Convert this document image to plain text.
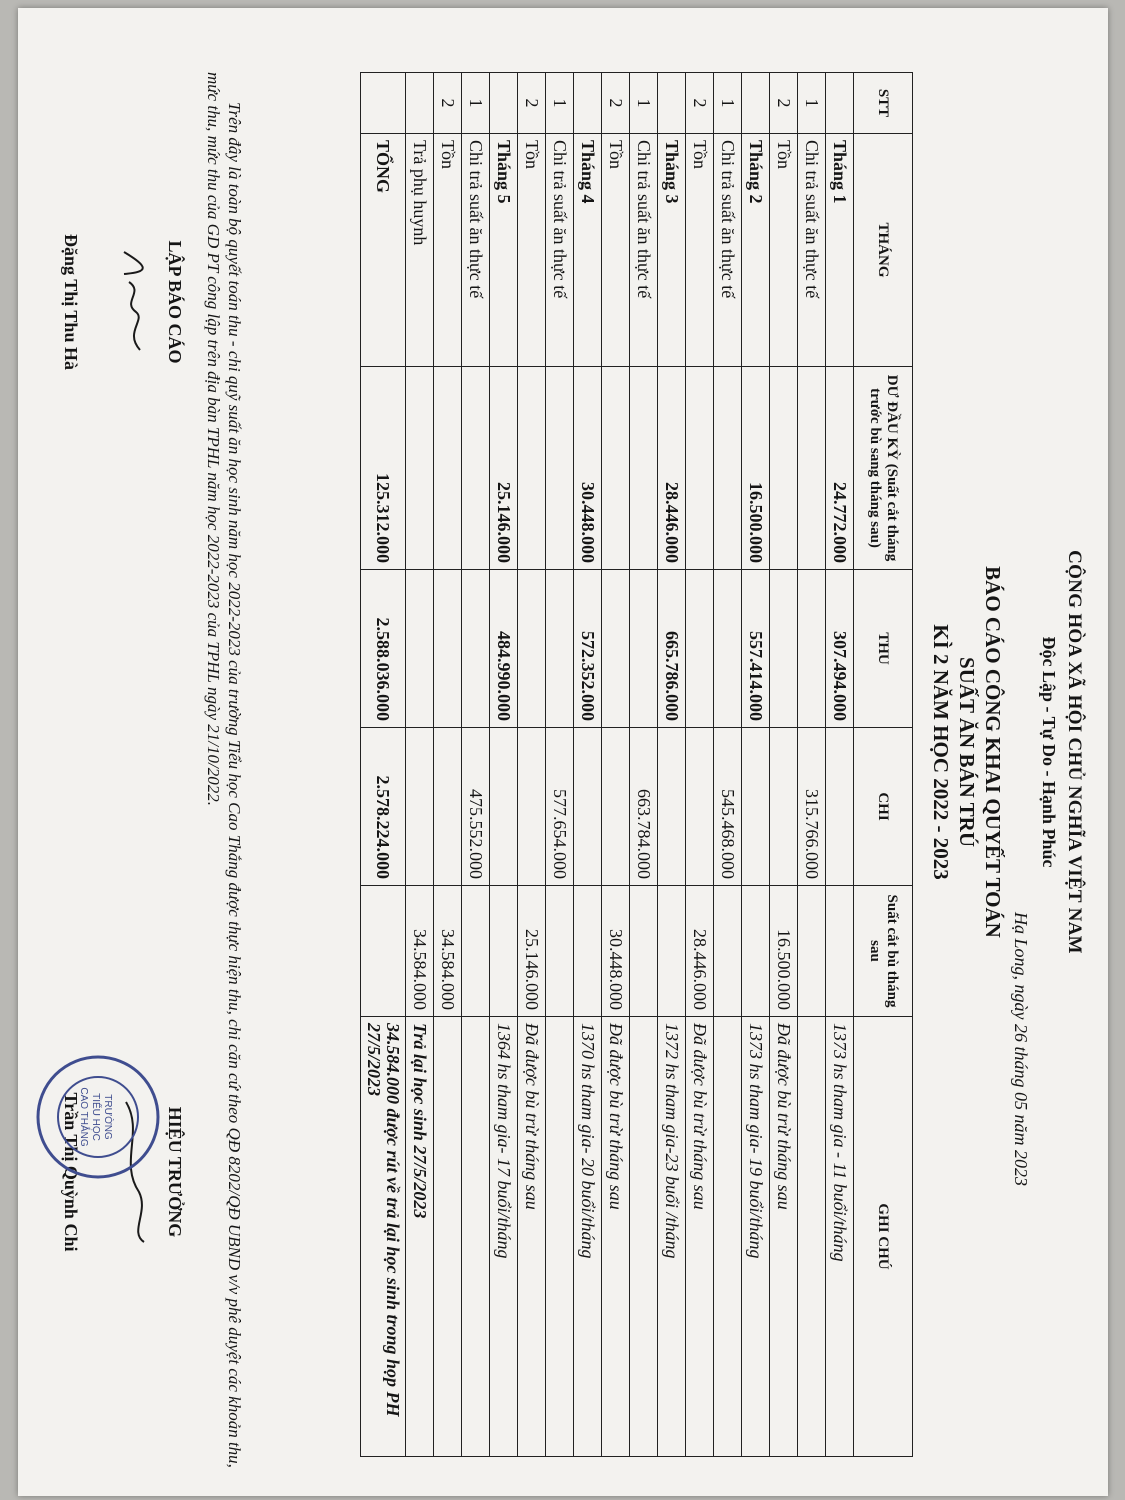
CỘNG HÒA XÃ HỘI CHỦ NGHĨA VIỆT NAM
Độc Lập - Tự Do - Hạnh Phúc
Hạ Long, ngày 26 tháng 05 năm 2023
BÁO CÁO CÔNG KHAI QUYẾT TOÁN
SUẤT ĂN BÁN TRÚ
KÌ 2 NĂM HỌC 2022 - 2023
STT	THÁNG	DƯ ĐẦU KỲ (Suất cắt tháng trước bù sang tháng sau)	THU	CHI	Suất cắt bù tháng sau	GHI CHÚ
	Tháng 1	24.772.000	307.494.000			1373 hs tham gia - 11 buổi/tháng
1	Chi trả suất ăn thực tế			315.766.000		
2	Tồn				16.500.000	Đã được bù trừ tháng sau
	Tháng 2	16.500.000	557.414.000			1373 hs tham gia- 19 buổi/tháng
1	Chi trả suất ăn thực tế			545.468.000		
2	Tồn				28.446.000	Đã được bù trừ tháng sau
	Tháng 3	28.446.000	665.786.000			1372 hs tham gia-23 buổi /tháng
1	Chi trả suất ăn thực tế			663.784.000		
2	Tồn				30.448.000	Đã được bù trừ tháng sau
	Tháng 4	30.448.000	572.352.000			1370 hs tham gia- 20 buổi/tháng
1	Chi trả suất ăn thực tế			577.654.000		
2	Tồn				25.146.000	Đã được bù trừ tháng sau
	Tháng 5	25.146.000	484.990.000			1364 hs tham gia- 17 buổi/tháng
1	Chi trả suất ăn thực tế			475.552.000		
2	Tồn				34.584.000	
	Trả phụ huynh				34.584.000	Trả lại học sinh 27/5/2023
	TỔNG	125.312.000	2.588.036.000	2.578.224.000		34.584.000 được rút về trả lại học sinh trong họp PH 27/5/2023
Trên đây là toàn bộ quyết toán thu - chi quỹ suất ăn học sinh năm học 2022-2023 của trường Tiểu học Cao Thắng được thực hiện thu, chi căn cứ theo QĐ 8202/QĐ UBND v/v phê duyệt các khoản thu, mức thu, mức thu của GD PT công lập trên địa bàn TPHL năm học 2022-2023 của TPHL ngày 21/10/2022.
LẬP BÁO CÁO
Đặng Thị Thu Hà
HIỆU TRƯỞNG
Trần Thị Quỳnh Chi TRƯỜNG
TIỂU HỌC
CAO THẮNG
